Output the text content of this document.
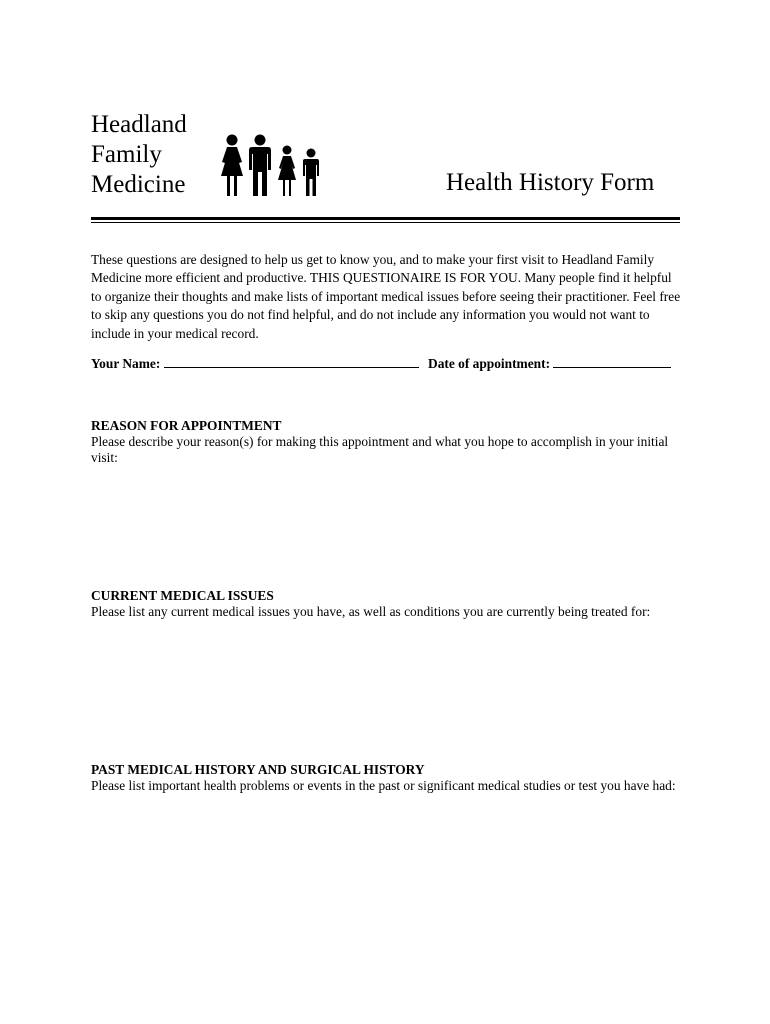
Headland
Family
Medicine	Health History Form
These questions are designed to help us get to know you, and to make your first visit to Headland Family Medicine more efficient and productive. THIS QUESTIONAIRE IS FOR YOU. Many people find it helpful to organize their thoughts and make lists of important medical issues before seeing their practitioner. Feel free to skip any questions you do not find helpful, and do not include any information you would not want to include in your medical record.
Your Name:	Date of appointment:
REASON FOR APPOINTMENT

Please describe your reason(s) for making this appointment and what you hope to accomplish in your initial visit:

CURRENT MEDICAL ISSUES

Please list any current medical issues you have, as well as conditions you are currently being treated for:

PAST MEDICAL HISTORY AND SURGICAL HISTORY

Please list important health problems or events in the past or significant medical studies or test you have had:
